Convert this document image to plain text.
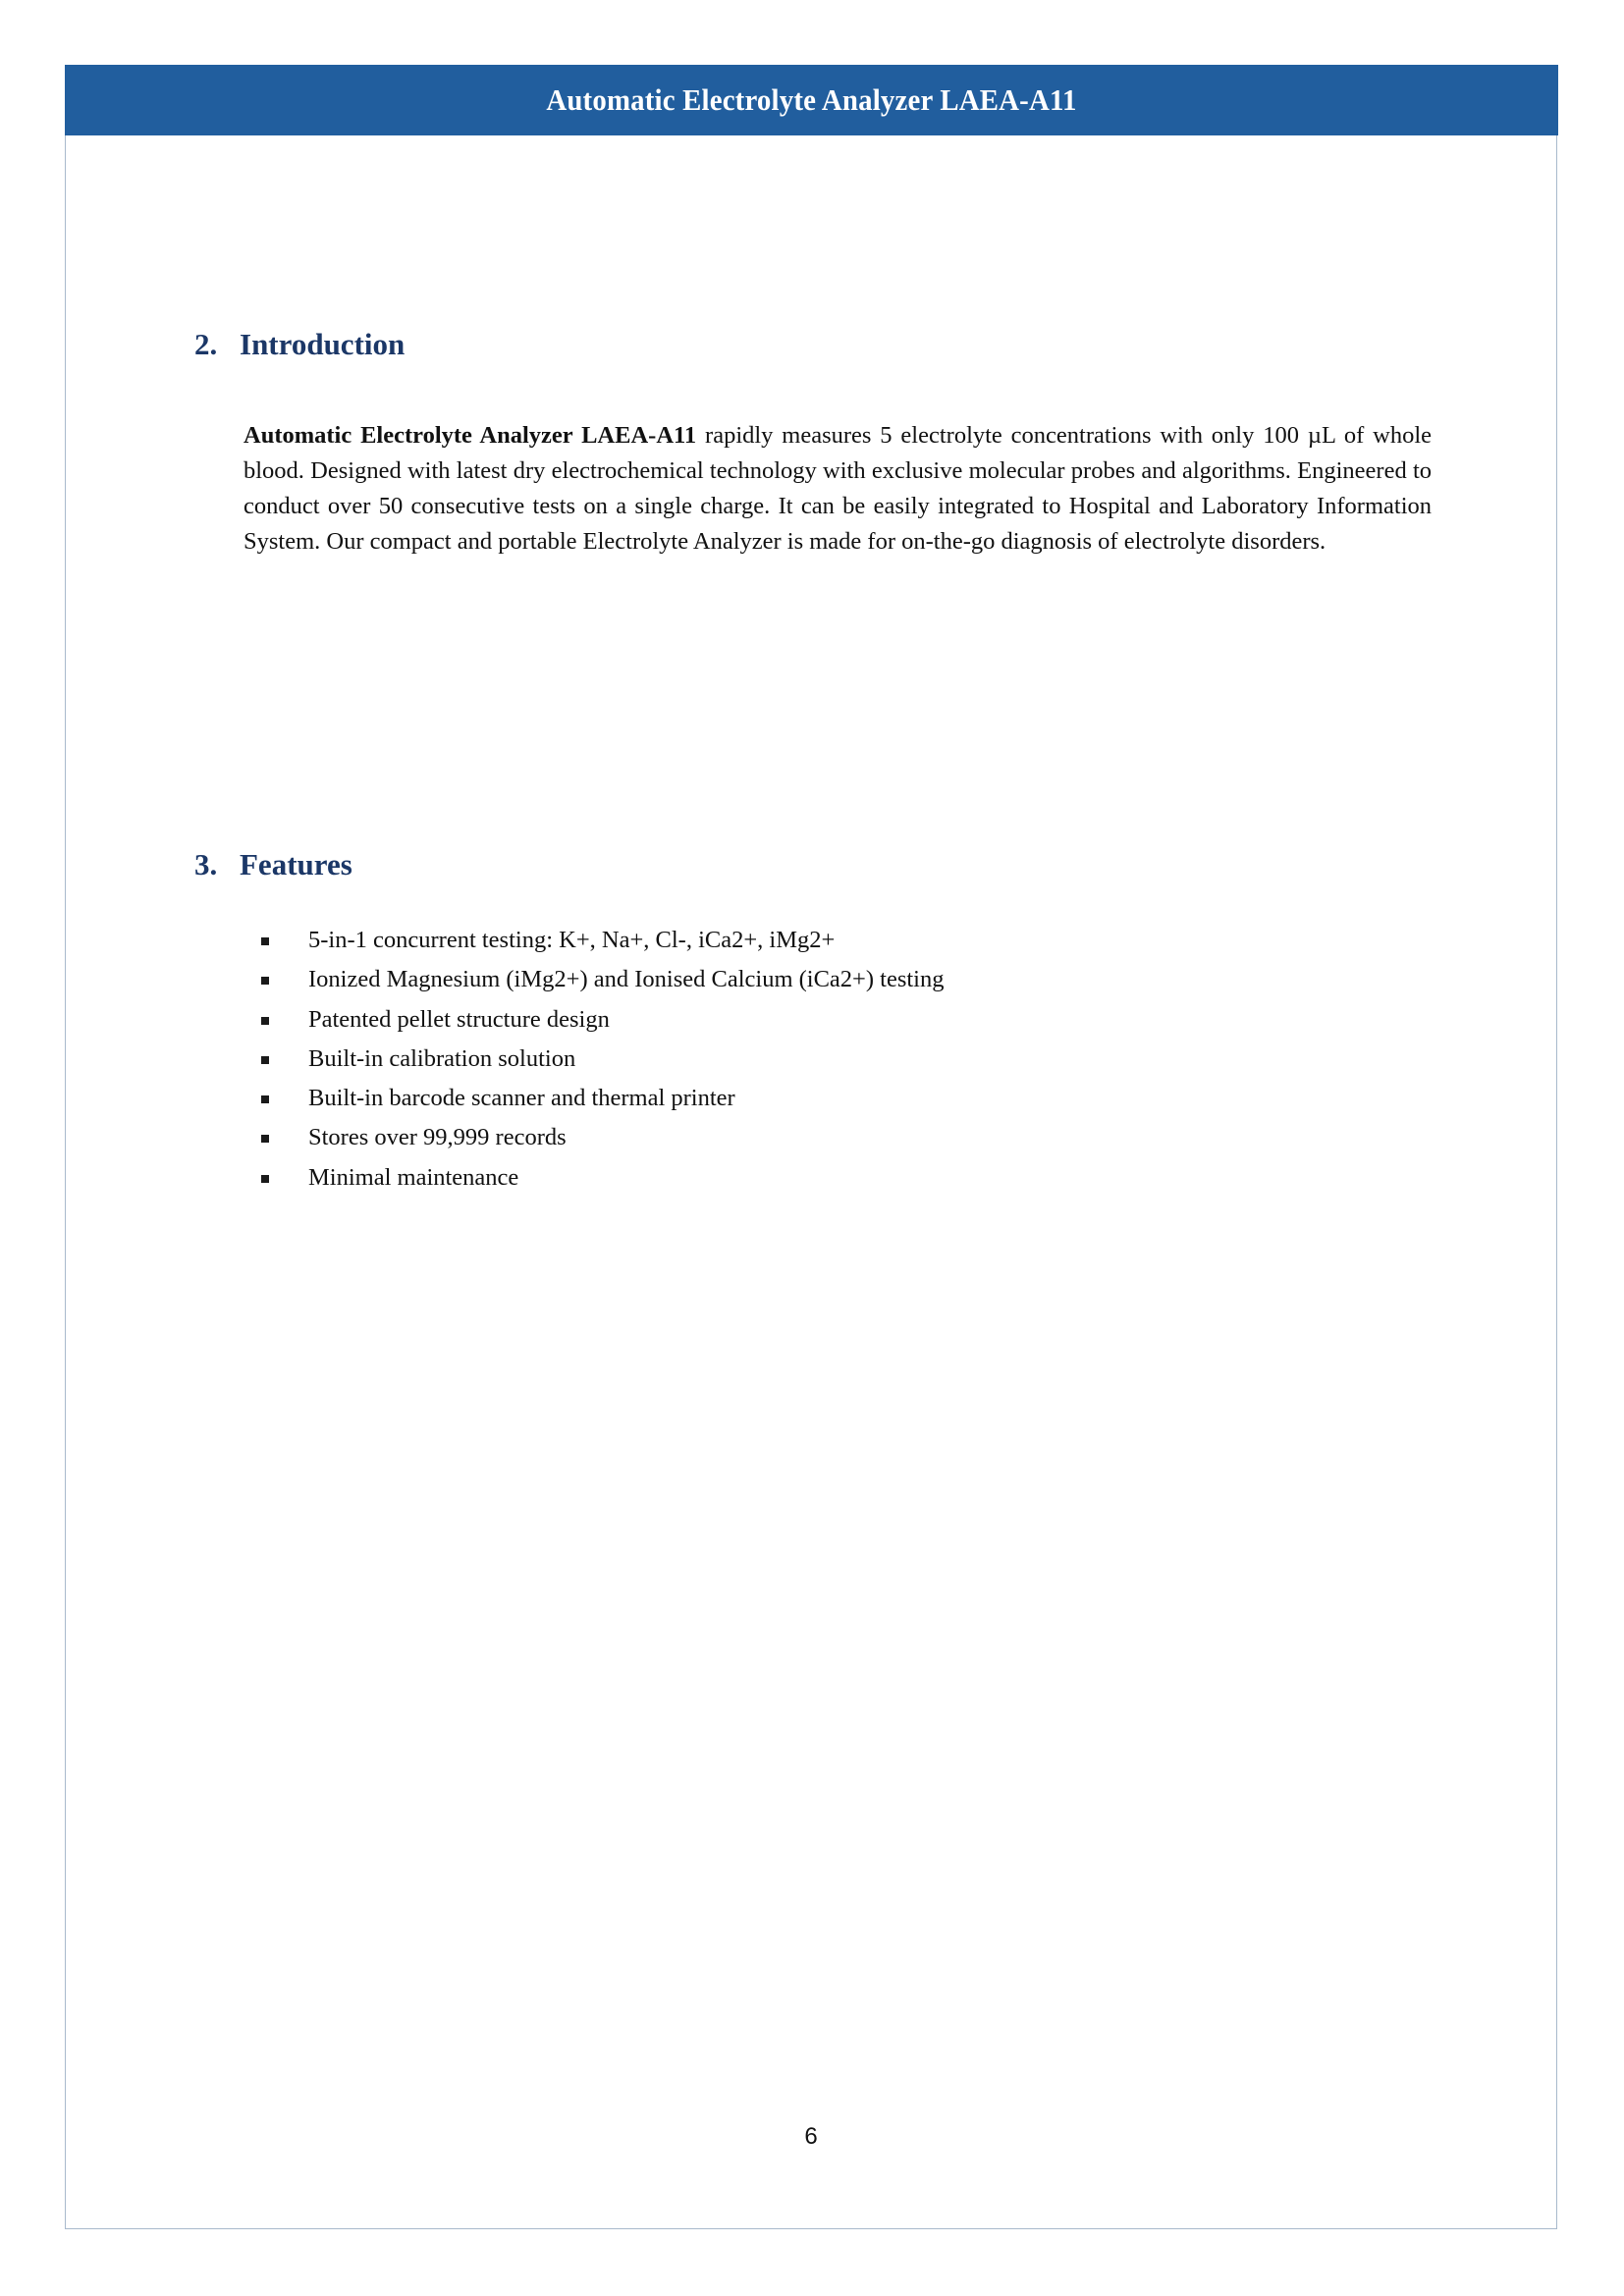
Automatic Electrolyte Analyzer LAEA-A11
2. Introduction

Automatic Electrolyte Analyzer LAEA-A11 rapidly measures 5 electrolyte concentrations with only 100 µL of whole blood. Designed with latest dry electrochemical technology with exclusive molecular probes and algorithms. Engineered to conduct over 50 consecutive tests on a single charge. It can be easily integrated to Hospital and Laboratory Information System. Our compact and portable Electrolyte Analyzer is made for on-the-go diagnosis of electrolyte disorders.

3. Features
5-in-1 concurrent testing: K+, Na+, Cl-, iCa2+, iMg2+
Ionized Magnesium (iMg2+) and Ionised Calcium (iCa2+) testing
Patented pellet structure design
Built-in calibration solution
Built-in barcode scanner and thermal printer
Stores over 99,999 records
Minimal maintenance
6
